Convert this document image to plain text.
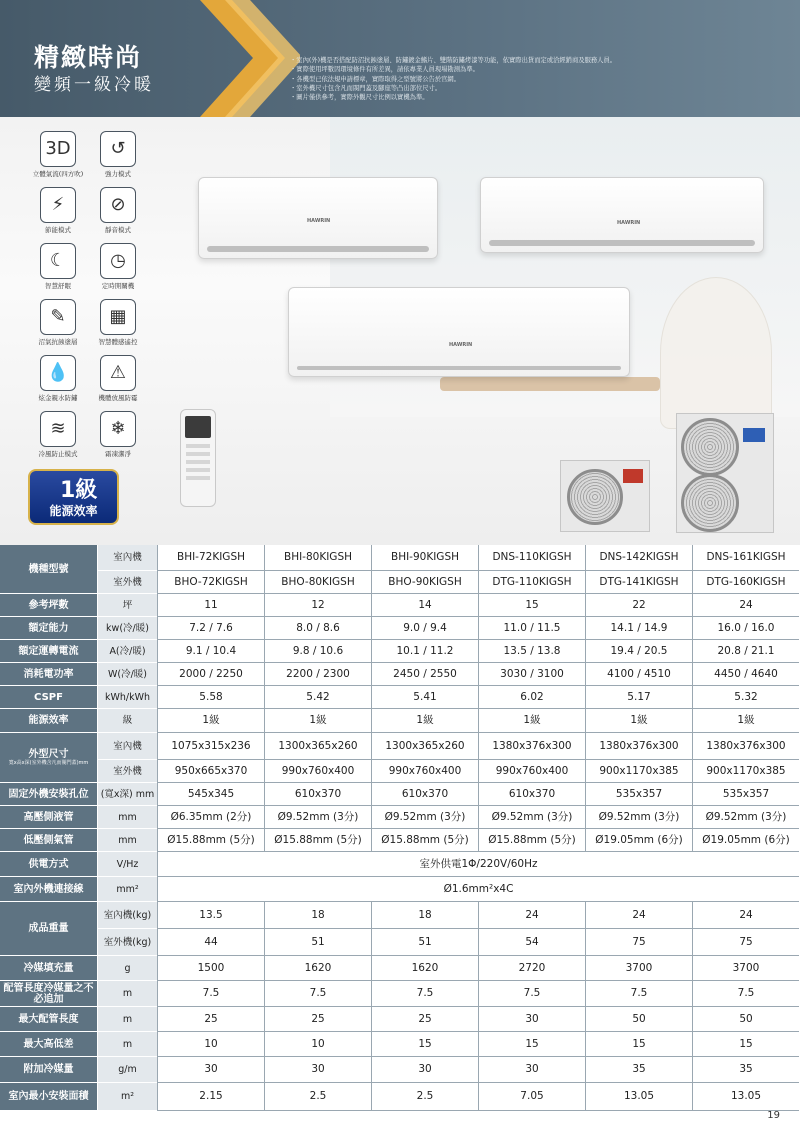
精緻時尚
變頻一級冷暖
・室內(外)機是否搭配防沼抗蝕塗層、防鏽鍍金鰭片、雙階防鏽烤漆等功能，依實際出貨而定或洽經銷商及服務人員。
・實際使用坪數因環境條件有所差異，請依專業人員現場勘測為準。
・各機型已依法規申請標章，實際取得之型號將公告於官網。
・室外機尺寸包含凡而閥門蓋及腳座等凸出部位尺寸。
・圖片僅供參考，實際外觀尺寸比例以實機為準。
3D
立體氣流(四方吹)
↺
強力模式
⚡
節能模式
⊘
靜音模式
☾
智慧舒眠
◷
定時開關機
✎
沼氣抗蝕塗層
▦
智慧體感遙控
💧
炫金親水防鏽
⚠
機體放風防霉
≋
冷風防止模式
❄
霜凍潔淨
1級
能源效率
HAWRIN	HAWRIN
HAWRIN
機種型號
室內機	BHI-72KIGSH	BHI-80KIGSH	BHI-90KIGSH	DNS-110KIGSH	DNS-142KIGSH	DNS-161KIGSH
室外機	BHO-72KIGSH	BHO-80KIGSH	BHO-90KIGSH	DTG-110KIGSH	DTG-141KIGSH	DTG-160KIGSH
參考坪數	坪	11	12	14	15	22	24
額定能力	kw(冷/暖)	7.2 / 7.6	8.0 / 8.6	9.0 / 9.4	11.0 / 11.5	14.1 / 14.9	16.0 / 16.0
額定運轉電流	A(冷/暖)	9.1 / 10.4	9.8 / 10.6	10.1 / 11.2	13.5 / 13.8	19.4 / 20.5	20.8 / 21.1
消耗電功率	W(冷/暖)	2000 / 2250	2200 / 2300	2450 / 2550	3030 / 3100	4100 / 4510	4450 / 4640
CSPF	kWh/kWh	5.58	5.42	5.41	6.02	5.17	5.32
能源效率	級	1級	1級	1級	1級	1級	1級
外型尺寸
寬x高x深(室外機含凡而閥門蓋)mm
室內機	1075x315x236	1300x365x260	1300x365x260	1380x376x300	1380x376x300	1380x376x300
室外機	950x665x370	990x760x400	990x760x400	990x760x400	900x1170x385	900x1170x385
固定外機安裝孔位	(寬x深) mm	545x345	610x370	610x370	610x370	535x357	535x357
高壓側液管	mm	Ø6.35mm (2分)	Ø9.52mm (3分)	Ø9.52mm (3分)	Ø9.52mm (3分)	Ø9.52mm (3分)	Ø9.52mm (3分)
低壓側氣管	mm	Ø15.88mm (5分)	Ø15.88mm (5分)	Ø15.88mm (5分)	Ø15.88mm (5分)	Ø19.05mm (6分)	Ø19.05mm (6分)
供電方式	V/Hz	室外供電1Φ/220V/60Hz
室內外機連接線	mm²	Ø1.6mm²x4C
成品重量
室內機(kg)	13.5	18	18	24	24	24
室外機(kg)	44	51	51	54	75	75
冷媒填充量	g	1500	1620	1620	2720	3700	3700
配管長度冷媒量之不必追加	m	7.5	7.5	7.5	7.5	7.5	7.5
最大配管長度	m	25	25	25	30	50	50
最大高低差	m	10	10	15	15	15	15
附加冷媒量	g/m	30	30	30	30	35	35
室內最小安裝面積	m²	2.15	2.5	2.5	7.05	13.05	13.05
19
